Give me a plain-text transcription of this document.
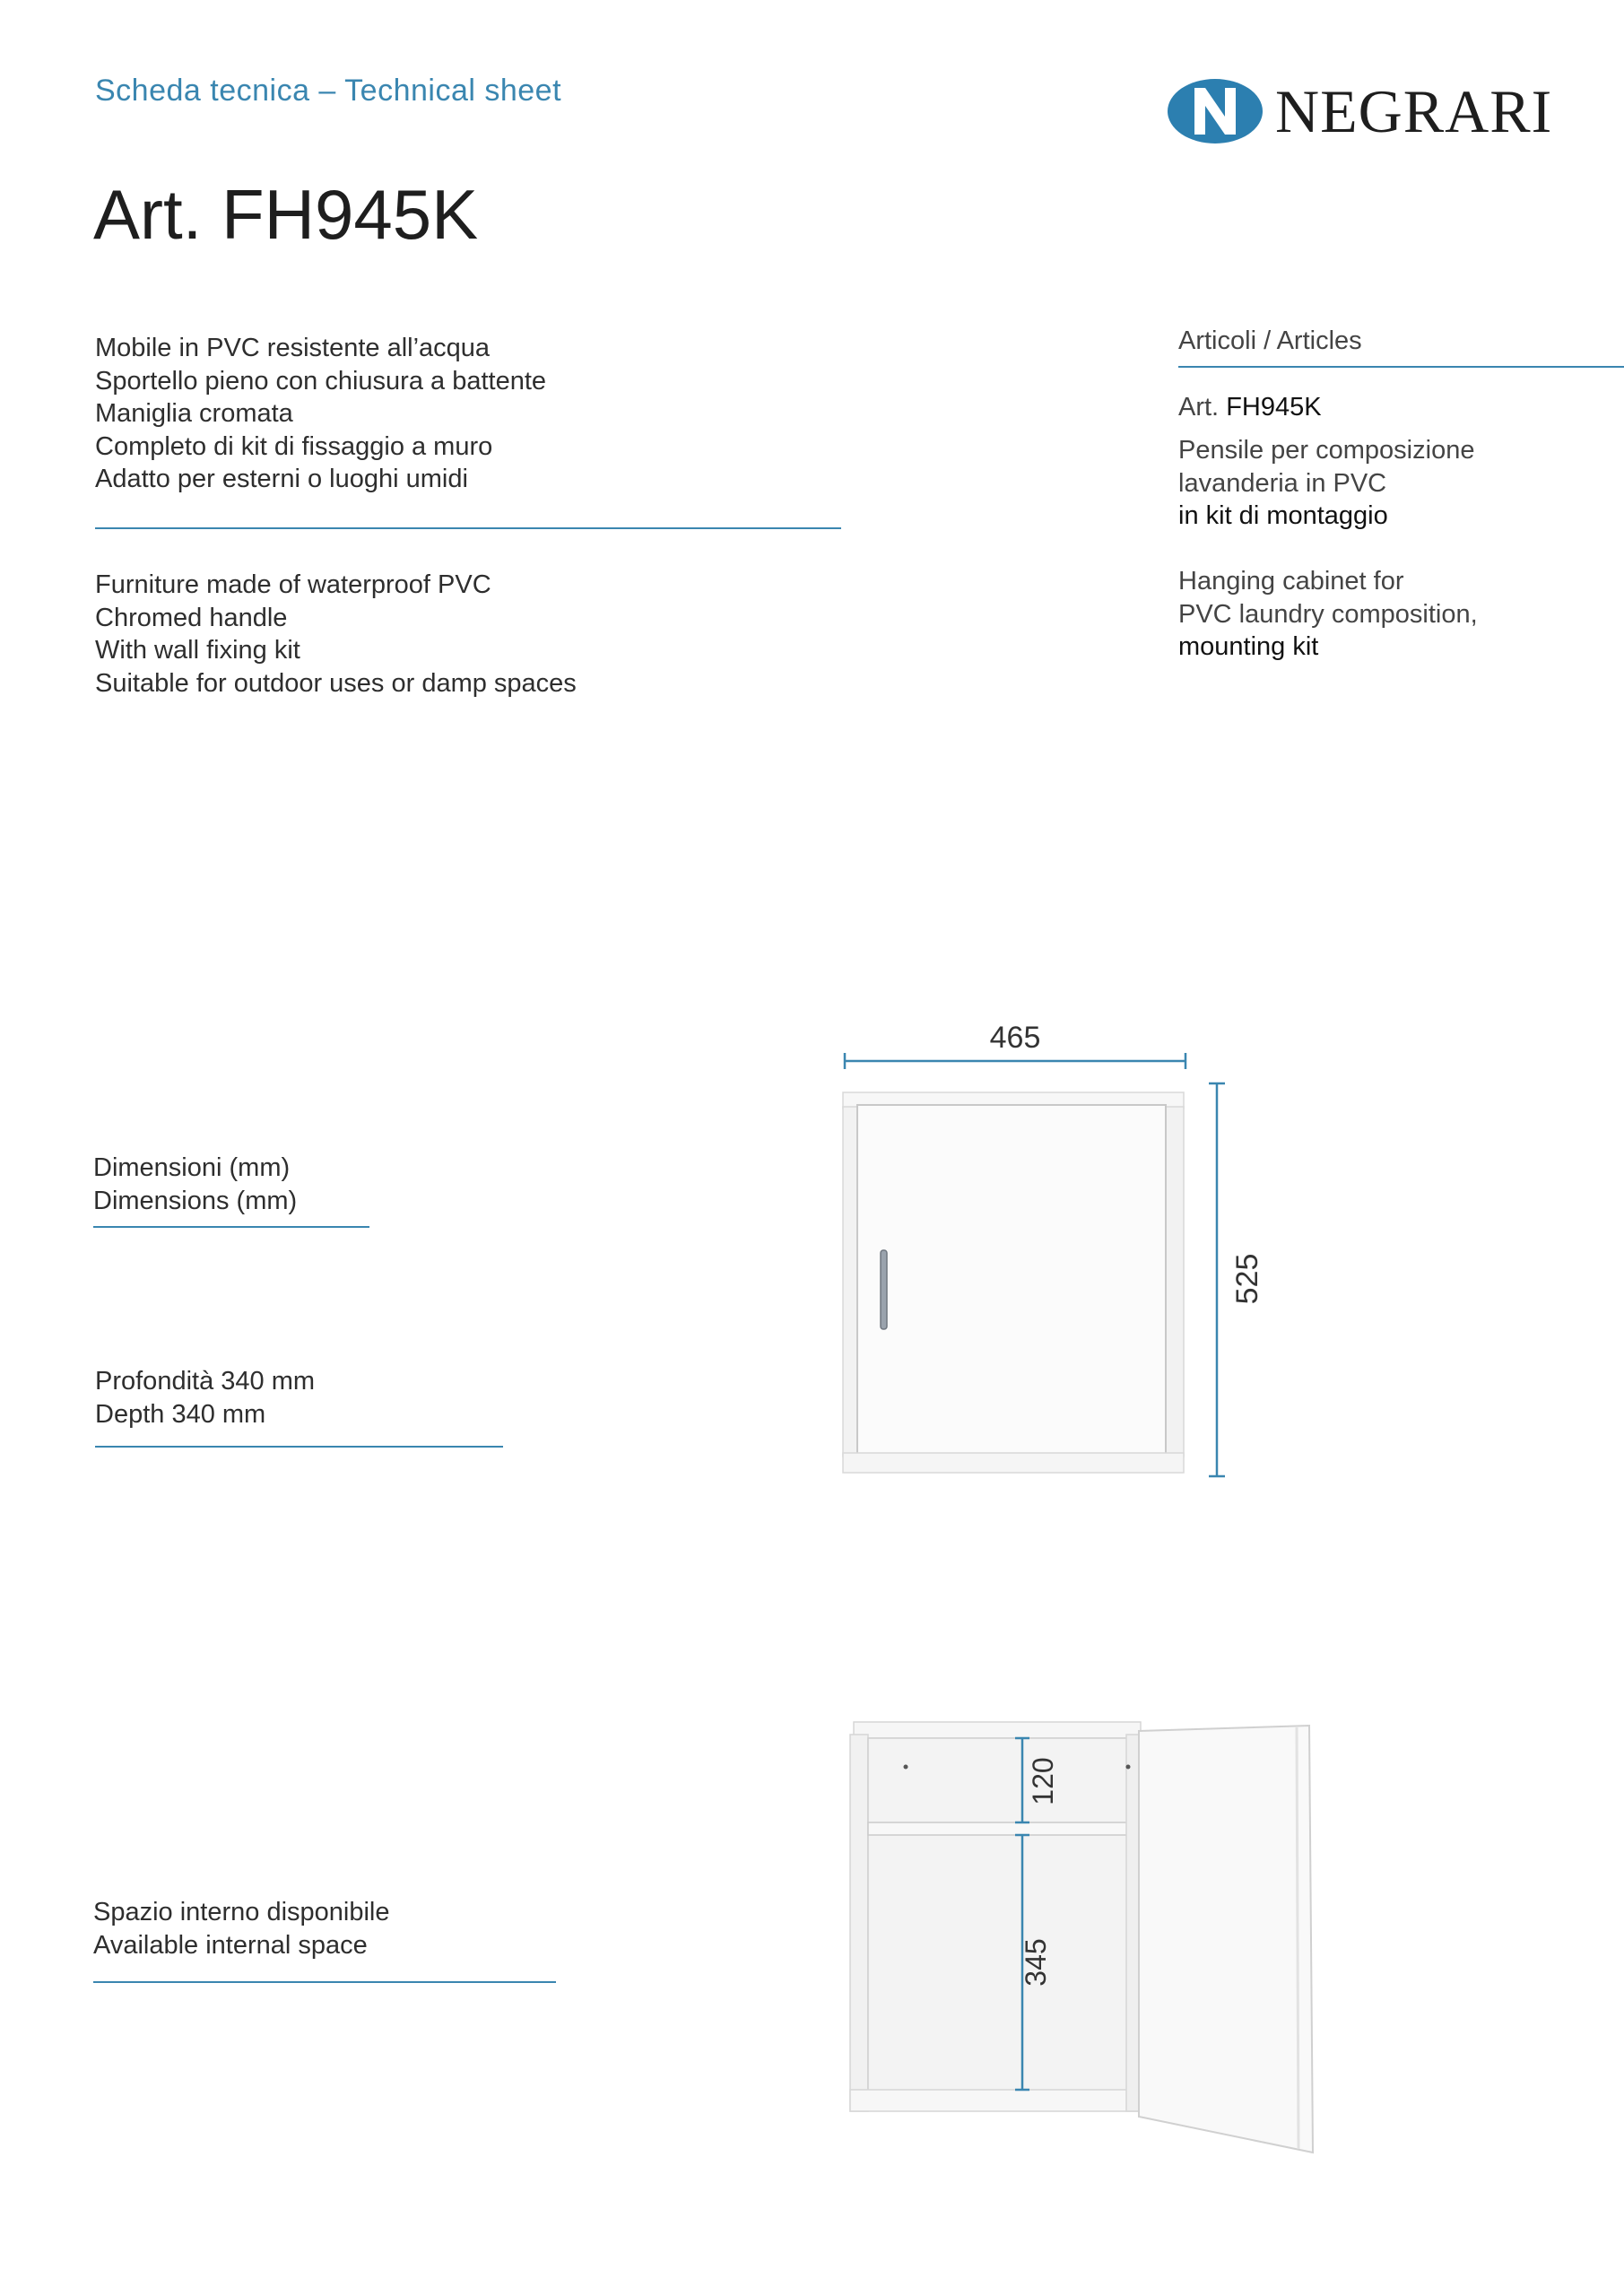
Scheda tecnica – Technical sheet	NEGRARI
Art. FH945K
Mobile in PVC resistente all’acqua
Sportello pieno con chiusura a battente
Maniglia cromata
Completo di kit di fissaggio a muro
Adatto per esterni o luoghi umidi
Furniture made of waterproof PVC
Chromed handle
With wall fixing kit
Suitable for outdoor uses or damp spaces
Articoli / Articles
Art. FH945K
Pensile per composizione
lavanderia in PVC
in kit di montaggio
Hanging cabinet for
PVC laundry composition,
mounting kit
Dimensioni (mm)
Dimensions (mm)
Profondità 340 mm
Depth 340 mm
Spazio interno disponibile
Available internal space
465
525
120
345
